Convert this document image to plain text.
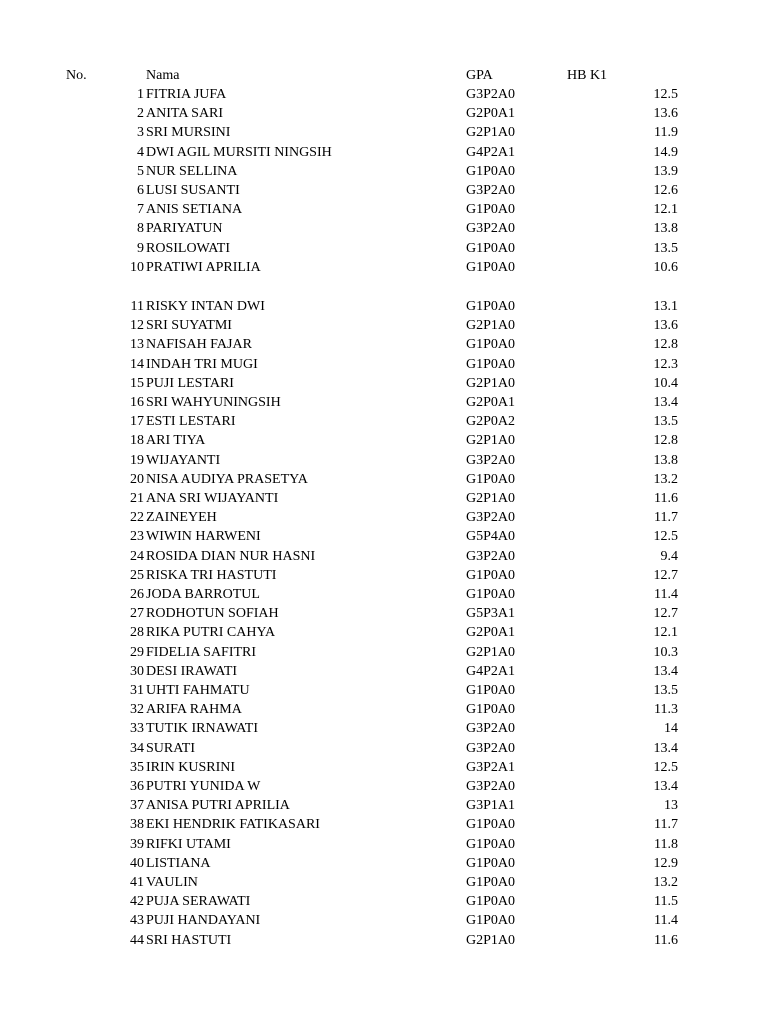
No.	Nama	GPA	HB K1
1 FITRIA JUFA	G3P2A0	12.5
2 ANITA SARI	G2P0A1	13.6
3 SRI MURSINI	G2P1A0	11.9
4 DWI AGIL MURSITI NINGSIH	G4P2A1	14.9
5 NUR SELLINA	G1P0A0	13.9
6 LUSI SUSANTI	G3P2A0	12.6
7 ANIS SETIANA	G1P0A0	12.1
8 PARIYATUN	G3P2A0	13.8
9 ROSILOWATI	G1P0A0	13.5
10 PRATIWI APRILIA	G1P0A0	10.6
11 RISKY INTAN DWI	G1P0A0	13.1
12 SRI SUYATMI	G2P1A0	13.6
13 NAFISAH FAJAR	G1P0A0	12.8
14 INDAH TRI MUGI	G1P0A0	12.3
15 PUJI LESTARI	G2P1A0	10.4
16 SRI WAHYUNINGSIH	G2P0A1	13.4
17 ESTI LESTARI	G2P0A2	13.5
18 ARI TIYA	G2P1A0	12.8
19 WIJAYANTI	G3P2A0	13.8
20 NISA AUDIYA PRASETYA	G1P0A0	13.2
21 ANA SRI WIJAYANTI	G2P1A0	11.6
22 ZAINEYEH	G3P2A0	11.7
23 WIWIN HARWENI	G5P4A0	12.5
24 ROSIDA DIAN NUR HASNI	G3P2A0	9.4
25 RISKA TRI HASTUTI	G1P0A0	12.7
26 JODA BARROTUL	G1P0A0	11.4
27 RODHOTUN SOFIAH	G5P3A1	12.7
28 RIKA PUTRI CAHYA	G2P0A1	12.1
29 FIDELIA SAFITRI	G2P1A0	10.3
30 DESI IRAWATI	G4P2A1	13.4
31 UHTI FAHMATU	G1P0A0	13.5
32 ARIFA RAHMA	G1P0A0	11.3
33 TUTIK IRNAWATI	G3P2A0	14
34 SURATI	G3P2A0	13.4
35 IRIN KUSRINI	G3P2A1	12.5
36 PUTRI YUNIDA W	G3P2A0	13.4
37 ANISA PUTRI APRILIA	G3P1A1	13
38 EKI HENDRIK FATIKASARI	G1P0A0	11.7
39 RIFKI UTAMI	G1P0A0	11.8
40 LISTIANA	G1P0A0	12.9
41 VAULIN	G1P0A0	13.2
42 PUJA SERAWATI	G1P0A0	11.5
43 PUJI HANDAYANI	G1P0A0	11.4
44 SRI HASTUTI	G2P1A0	11.6
